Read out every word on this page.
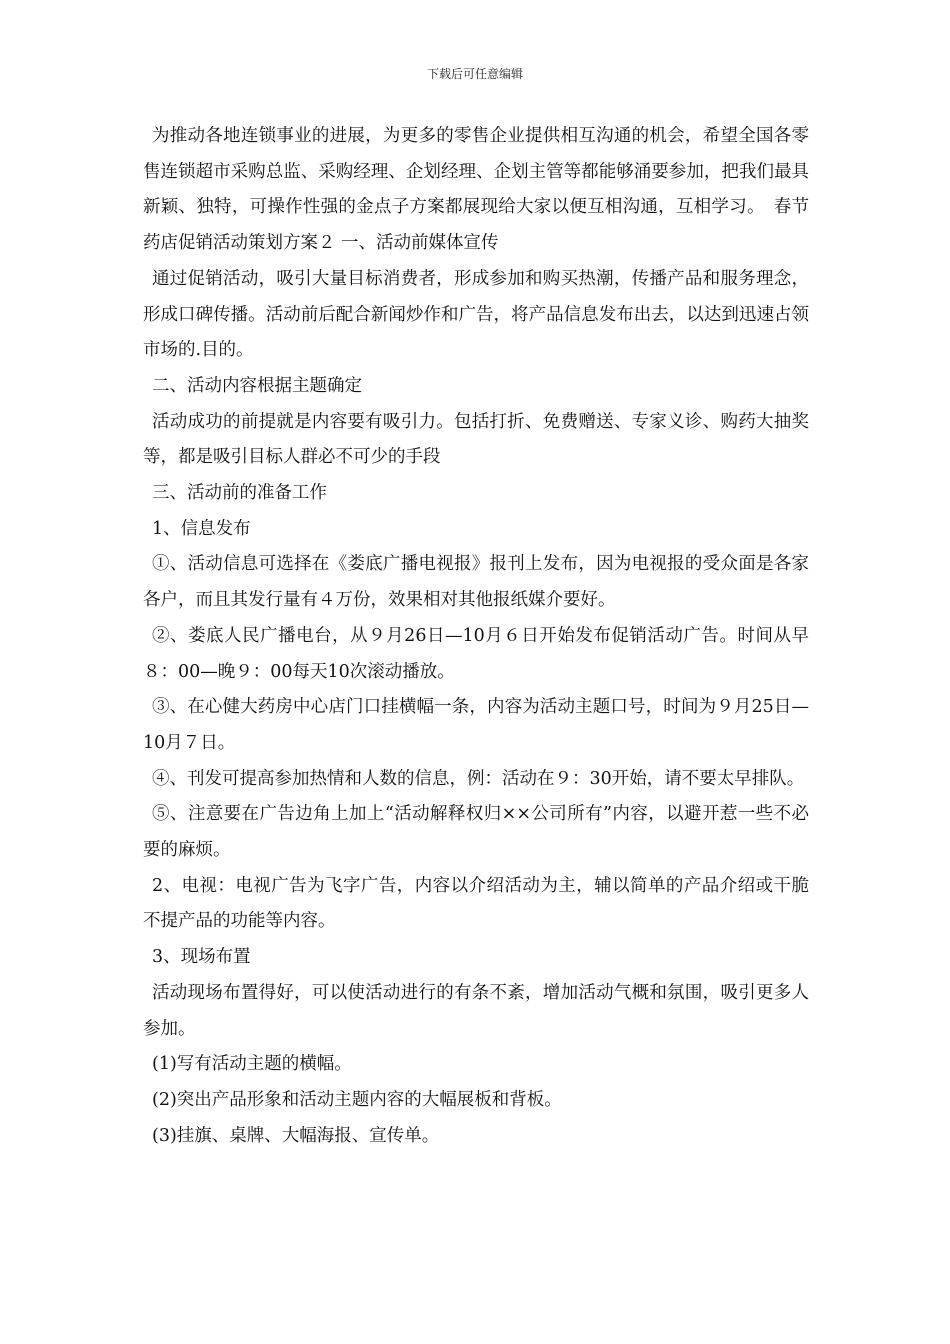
下载后可任意编辑

为推动各地连锁事业的进展，为更多的零售企业提供相互沟通的机会，希望全国各零售连锁超市采购总监、采购经理、企划经理、企划主管等都能够涌要参加，把我们最具新颖、独特，可操作性强的金点子方案都展现给大家以便互相沟通，互相学习。　春节药店促销活动策划方案２ 一、活动前媒体宣传

通过促销活动，吸引大量目标消费者，形成参加和购买热潮，传播产品和服务理念，形成口碑传播。活动前后配合新闻炒作和广告，将产品信息发布出去，以达到迅速占领市场的.目的。

二、活动内容根据主题确定

活动成功的前提就是内容要有吸引力。包括打折、免费赠送、专家义诊、购药大抽奖等，都是吸引目标人群必不可少的手段

三、活动前的准备工作

1、信息发布

①、活动信息可选择在《娄底广播电视报》报刊上发布，因为电视报的受众面是各家各户，而且其发行量有４万份，效果相对其他报纸媒介要好。

②、娄底人民广播电台，从９月26日—10月６日开始发布促销活动广告。时间从早８：00—晚９：00每天10次滚动播放。

③、在心健大药房中心店门口挂横幅一条，内容为活动主题口号，时间为９月25日—10月７日。

④、刊发可提高参加热情和人数的信息，例：活动在９：30开始，请不要太早排队。

⑤、注意要在广告边角上加上“活动解释权归××公司所有”内容，以避开惹一些不必要的麻烦。

2、电视：电视广告为飞字广告，内容以介绍活动为主，辅以简单的产品介绍或干脆不提产品的功能等内容。

3、现场布置

活动现场布置得好，可以使活动进行的有条不紊，增加活动气概和氛围，吸引更多人参加。

(1)写有活动主题的横幅。

(2)突出产品形象和活动主题内容的大幅展板和背板。

(3)挂旗、桌牌、大幅海报、宣传单。
